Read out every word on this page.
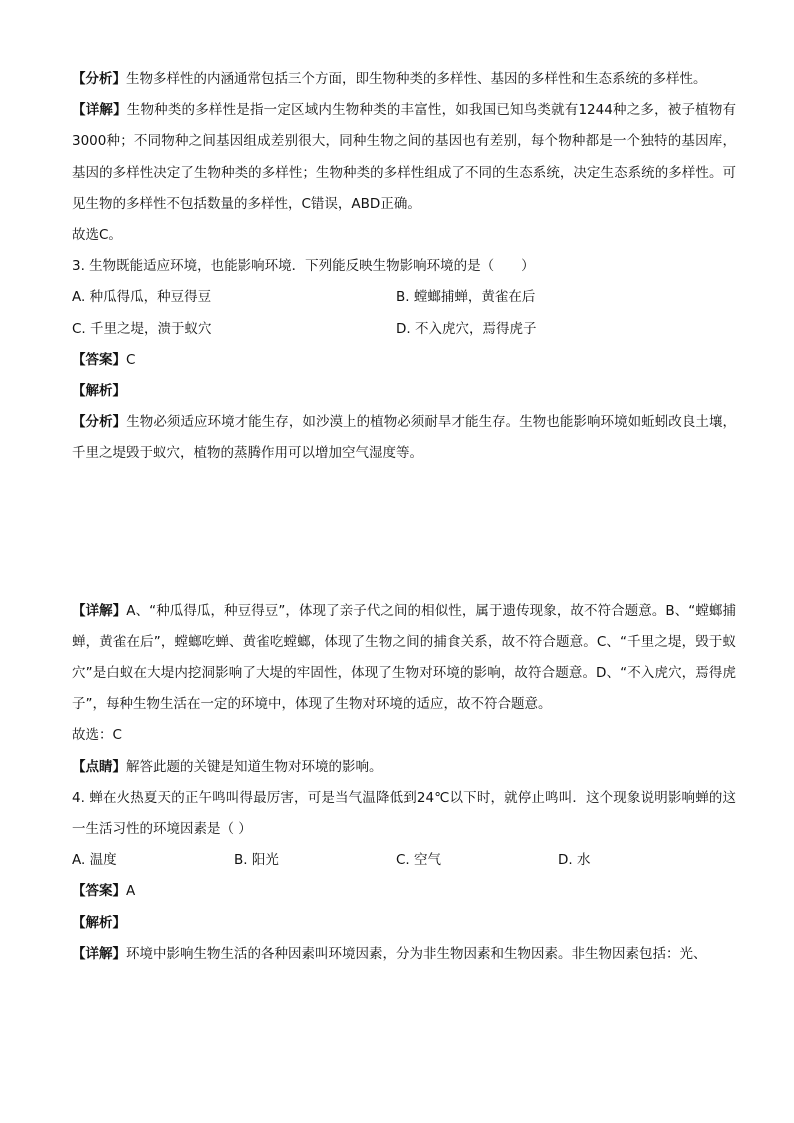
【分析】生物多样性的内涵通常包括三个方面，即生物种类的多样性、基因的多样性和生态系统的多样性。

【详解】生物种类的多样性是指一定区域内生物种类的丰富性，如我国已知鸟类就有1244种之多，被子植物有3000种；不同物种之间基因组成差别很大，同种生物之间的基因也有差别，每个物种都是一个独特的基因库，基因的多样性决定了生物种类的多样性；生物种类的多样性组成了不同的生态系统，决定生态系统的多样性。可见生物的多样性不包括数量的多样性，C错误，ABD正确。

故选C。

3. 生物既能适应环境，也能影响环境．下列能反映生物影响环境的是（　　）

A. 种瓜得瓜，种豆得豆	B. 螳螂捕蝉，黄雀在后
C. 千里之堤，溃于蚁穴	D. 不入虎穴，焉得虎子

【答案】C

【解析】

【分析】生物必须适应环境才能生存，如沙漠上的植物必须耐旱才能生存。生物也能影响环境如蚯蚓改良土壤，千里之堤毁于蚁穴，植物的蒸腾作用可以增加空气湿度等。

【详解】A、“种瓜得瓜，种豆得豆”，体现了亲子代之间的相似性，属于遗传现象，故不符合题意。B、“螳螂捕蝉，黄雀在后”，螳螂吃蝉、黄雀吃螳螂，体现了生物之间的捕食关系，故不符合题意。C、“千里之堤，毁于蚁穴”是白蚁在大堤内挖洞影响了大堤的牢固性，体现了生物对环境的影响，故符合题意。D、“不入虎穴，焉得虎子”，每种生物生活在一定的环境中，体现了生物对环境的适应，故不符合题意。

故选：C

【点睛】解答此题的关键是知道生物对环境的影响。

4. 蝉在火热夏天的正午鸣叫得最厉害，可是当气温降低到24℃以下时，就停止鸣叫．这个现象说明影响蝉的这一生活习性的环境因素是（ ）

A. 温度	B. 阳光	C. 空气	D. 水

【答案】A

【解析】

【详解】环境中影响生物生活的各种因素叫环境因素，分为非生物因素和生物因素。非生物因素包括：光、
